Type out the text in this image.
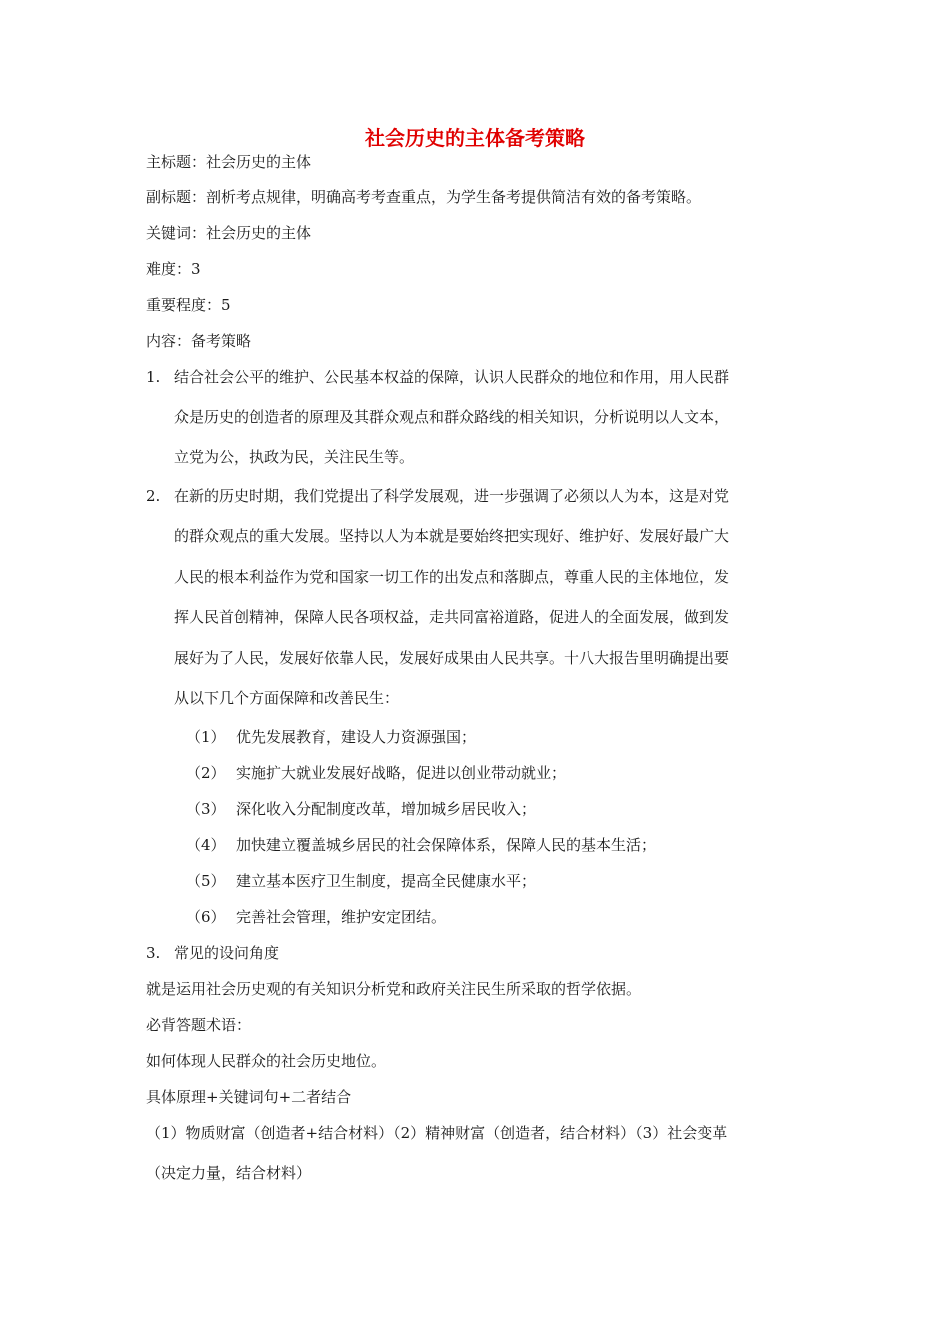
社会历史的主体备考策略
主标题：社会历史的主体
副标题：剖析考点规律，明确高考考查重点，为学生备考提供简洁有效的备考策略。
关键词：社会历史的主体
难度：3
重要程度：5
内容：备考策略
1. 结合社会公平的维护、公民基本权益的保障，认识人民群众的地位和作用，用人民群
众是历史的创造者的原理及其群众观点和群众路线的相关知识，分析说明以人文本，
立党为公，执政为民，关注民生等。
2. 在新的历史时期，我们党提出了科学发展观，进一步强调了必须以人为本，这是对党
的群众观点的重大发展。坚持以人为本就是要始终把实现好、维护好、发展好最广大
人民的根本利益作为党和国家一切工作的出发点和落脚点，尊重人民的主体地位，发
挥人民首创精神，保障人民各项权益，走共同富裕道路，促进人的全面发展，做到发
展好为了人民，发展好依靠人民，发展好成果由人民共享。十八大报告里明确提出要
从以下几个方面保障和改善民生：
（1） 优先发展教育，建设人力资源强国；
（2） 实施扩大就业发展好战略，促进以创业带动就业；
（3） 深化收入分配制度改革，增加城乡居民收入；
（4） 加快建立覆盖城乡居民的社会保障体系，保障人民的基本生活；
（5） 建立基本医疗卫生制度，提高全民健康水平；
（6） 完善社会管理，维护安定团结。
3. 常见的设问角度
就是运用社会历史观的有关知识分析党和政府关注民生所采取的哲学依据。
必背答题术语：
如何体现人民群众的社会历史地位。
具体原理+关键词句+二者结合
（1）物质财富（创造者+结合材料）（2）精神财富（创造者，结合材料）（3）社会变革
（决定力量，结合材料）
